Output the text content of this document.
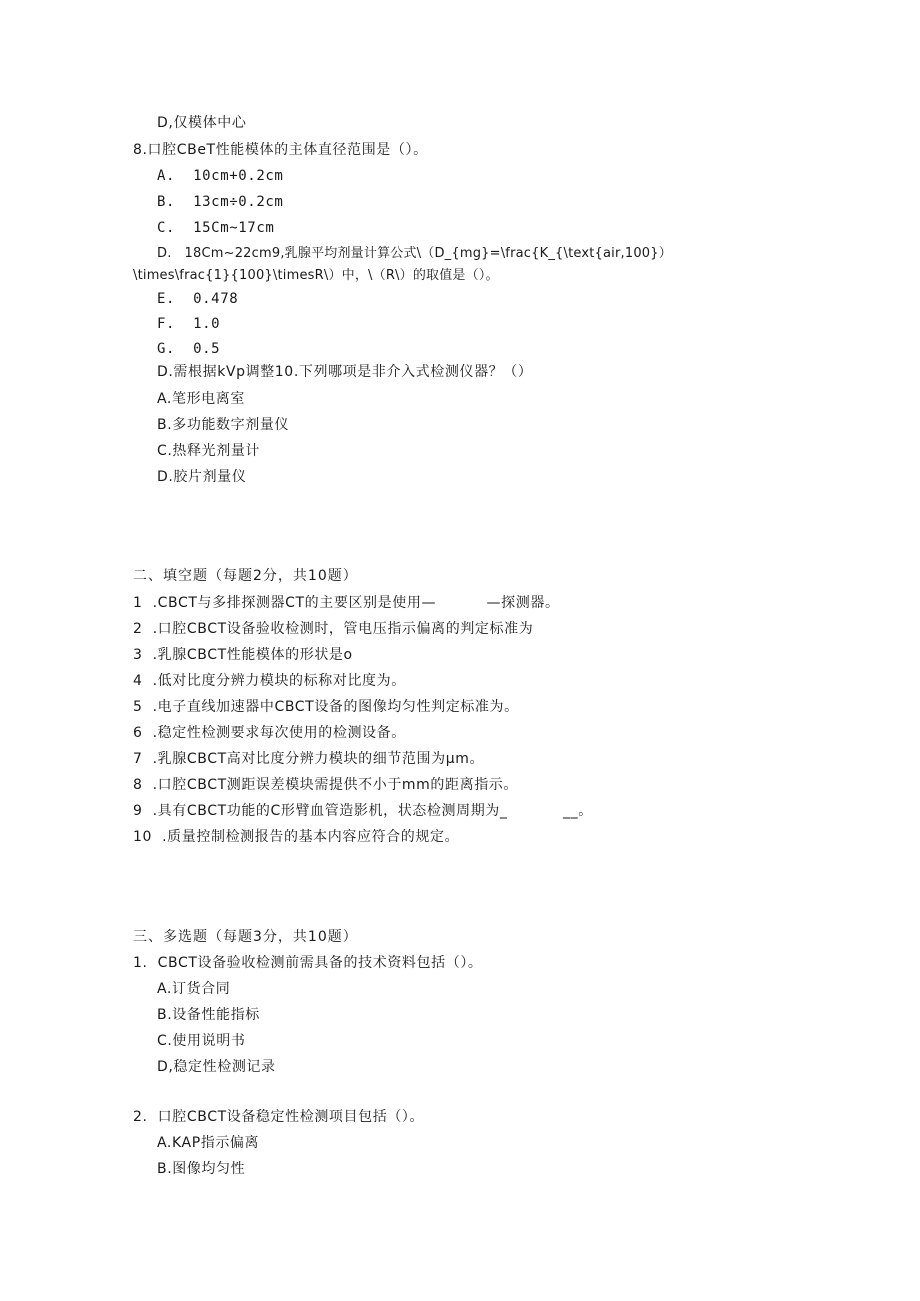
D,仅模体中心
8.口腔CBeT性能模体的主体直径范围是（）。
A.  10cm+0.2cm
B.  13cm÷0.2cm
C.  15Cm~17cm
D.   18Cm~22cm9,乳腺平均剂量计算公式\（D_{mg}=\frac{K_{\text{air,100}）
\times\frac{1}{100}\timesR\）中，\（R\）的取值是（）。
E.  0.478
F.  1.0
G.  0.5
D.需根据kVp调整10.下列哪项是非介入式检测仪器？（）
A.笔形电离室
B.多功能数字剂量仪
C.热释光剂量计
D.胶片剂量仪
二、填空题（每题2分，共10题）
1  .CBCT与多排探测器CT的主要区别是使用—          —探测器。
2  .口腔CBCT设备验收检测时，管电压指示偏离的判定标准为
3  .乳腺CBCT性能模体的形状是o
4  .低对比度分辨力模块的标称对比度为。
5  .电子直线加速器中CBCT设备的图像均匀性判定标准为。
6  .稳定性检测要求每次使用的检测设备。
7  .乳腺CBCT高对比度分辨力模块的细节范围为μm。
8  .口腔CBCT测距误差模块需提供不小于mm的距离指示。
9  .具有CBCT功能的C形臂血管造影机，状态检测周期为_           __。
10  .质量控制检测报告的基本内容应符合的规定。
三、多选题（每题3分，共10题）
1.  CBCT设备验收检测前需具备的技术资料包括（）。
A.订货合同
B.设备性能指标
C.使用说明书
D,稳定性检测记录
2.  口腔CBCT设备稳定性检测项目包括（）。
A.KAP指示偏离
B.图像均匀性
